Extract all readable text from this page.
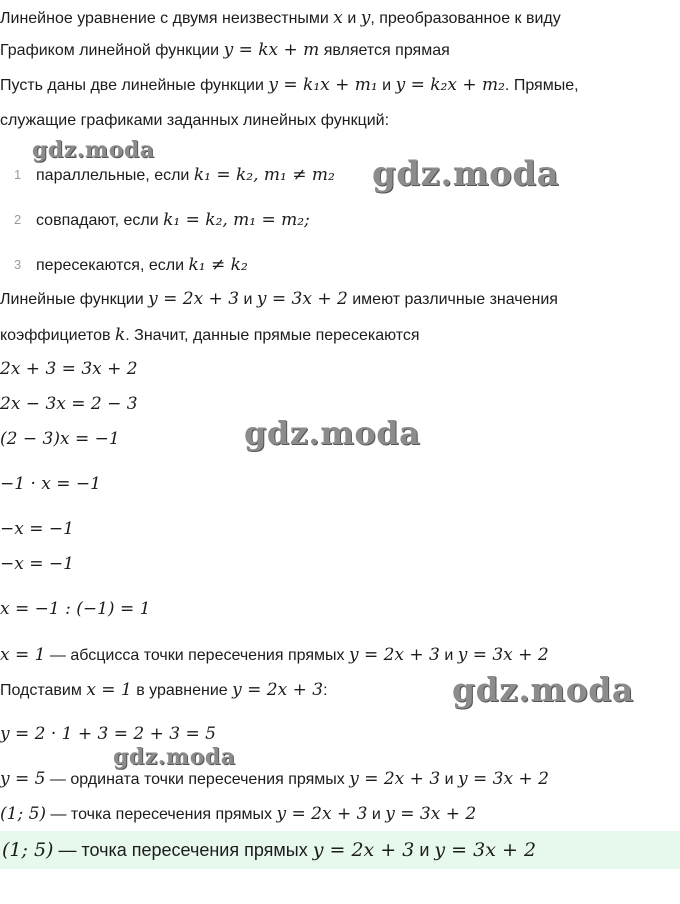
Линейное уравнение с двумя неизвестными x и y, преобразованное к виду
Графиком линейной функции y = kx + m является прямая
Пусть даны две линейные функции y = k₁x + m₁ и y = k₂x + m₂. Прямые,
служащие графиками заданных линейных функций:
1 параллельные, если k₁ = k₂, m₁ ≠ m₂
2 совпадают, если k₁ = k₂, m₁ = m₂;
3 пересекаются, если k₁ ≠ k₂
Линейные функции y = 2x + 3 и y = 3x + 2 имеют различные значения
коэффициетов k. Значит, данные прямые пересекаются
2x + 3 = 3x + 2
2x − 3x = 2 − 3
(2 − 3)x = −1
−1 · x = −1
−x = −1
−x = −1
x = −1 : (−1) = 1
x = 1 — абсцисса точки пересечения прямых y = 2x + 3 и y = 3x + 2
Подставим x = 1 в уравнение y = 2x + 3:
y = 2 · 1 + 3 = 2 + 3 = 5
y = 5 — ордината точки пересечения прямых y = 2x + 3 и y = 3x + 2
(1; 5) — точка пересечения прямых y = 2x + 3 и y = 3x + 2
(1; 5) — точка пересечения прямых y = 2x + 3 и y = 3x + 2
gdz.moda
gdz.moda
gdz.moda
gdz.moda
gdz.moda
